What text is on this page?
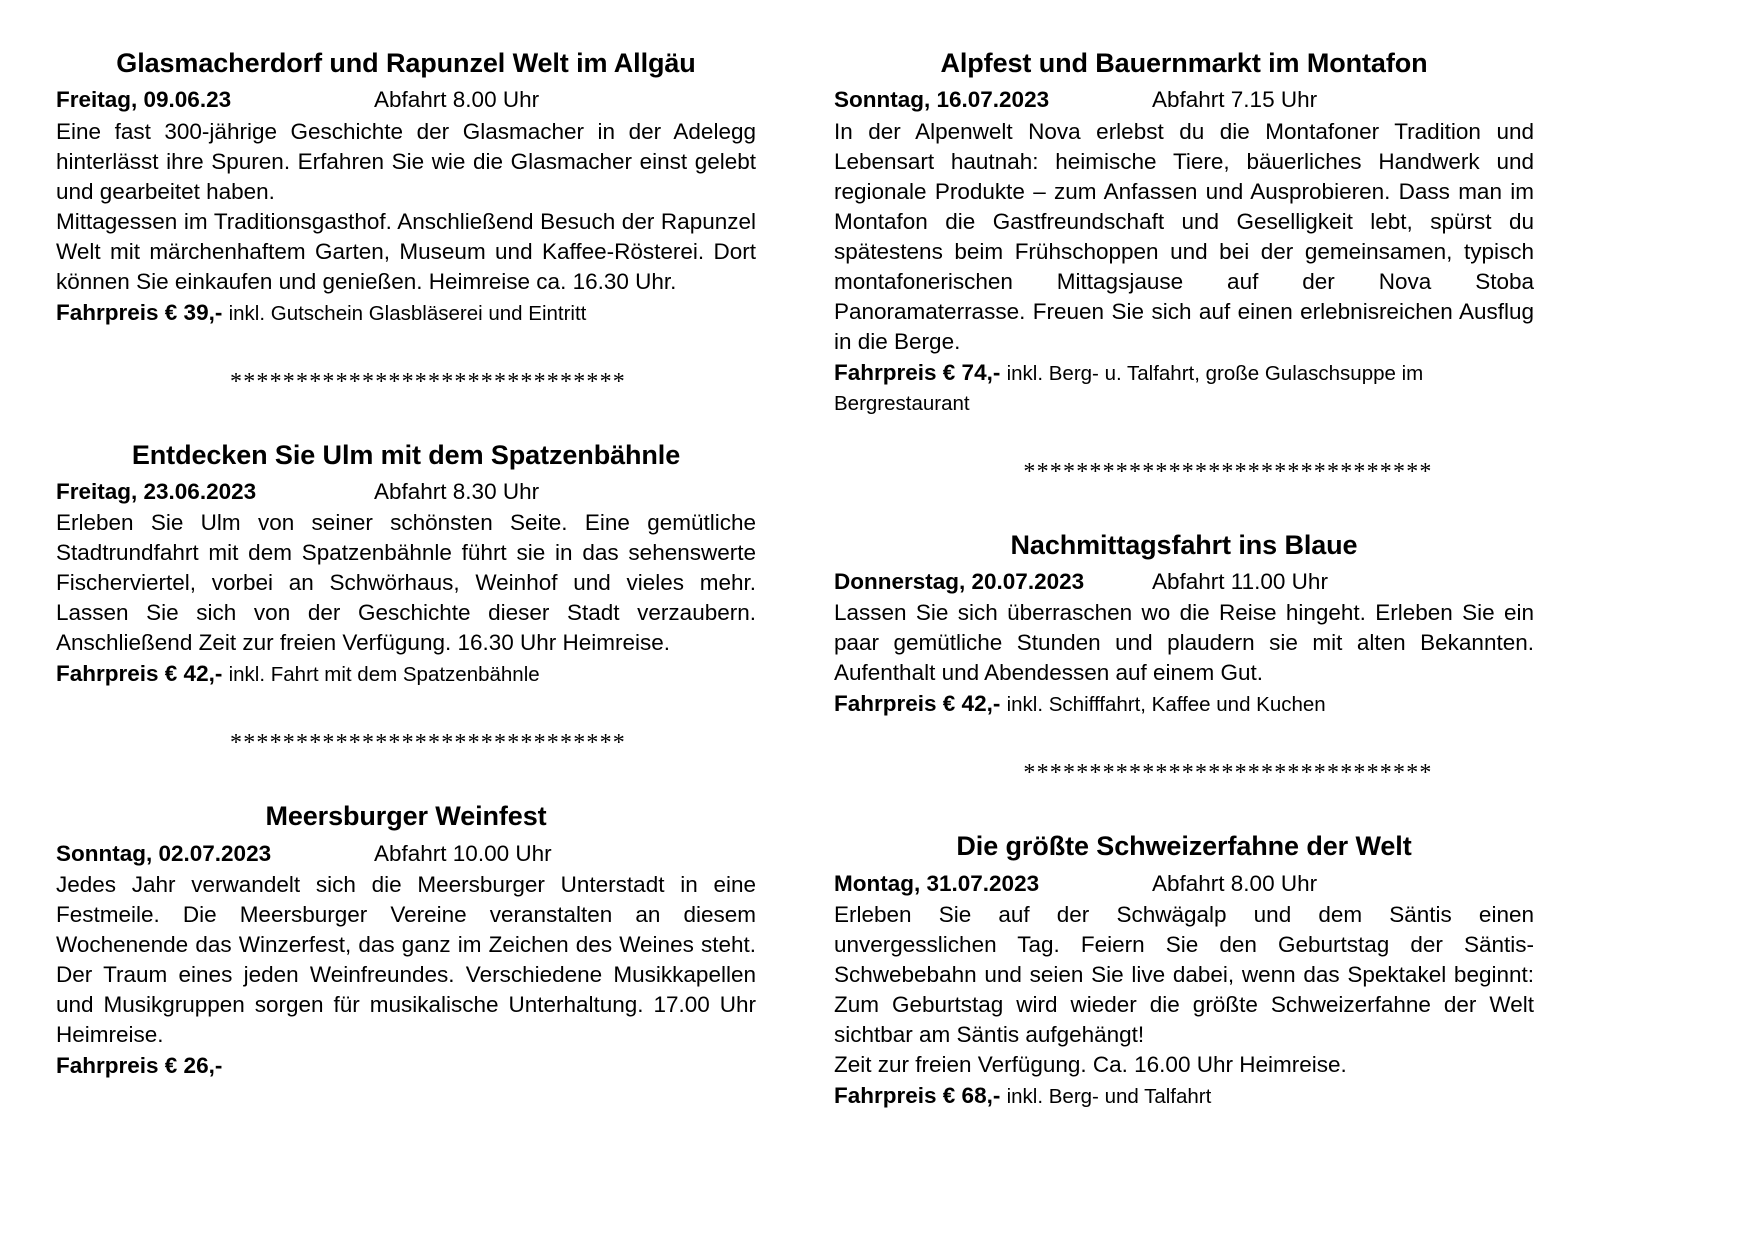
Glasmacherdorf und Rapunzel Welt im Allgäu
Freitag, 09.06.23	Abfahrt 8.00 Uhr

Eine fast 300-jährige Geschichte der Glasmacher in der Adelegg hinterlässt ihre Spuren. Erfahren Sie wie die Glasmacher einst gelebt und gearbeitet haben.

Mittagessen im Traditionsgasthof. Anschließend Besuch der Rapunzel Welt mit märchenhaftem Garten, Museum und Kaffee-Rösterei. Dort können Sie einkaufen und genießen. Heimreise ca. 16.30 Uhr.

Fahrpreis € 39,- inkl. Gutschein Glasbläserei und Eintritt
******************************
Entdecken Sie Ulm mit dem Spatzenbähnle
Freitag, 23.06.2023	Abfahrt 8.30 Uhr

Erleben Sie Ulm von seiner schönsten Seite. Eine gemütliche Stadtrundfahrt mit dem Spatzenbähnle führt sie in das sehenswerte Fischerviertel, vorbei an Schwörhaus, Weinhof und vieles mehr. Lassen Sie sich von der Geschichte dieser Stadt verzaubern. Anschließend Zeit zur freien Verfügung. 16.30 Uhr Heimreise.

Fahrpreis € 42,- inkl. Fahrt mit dem Spatzenbähnle
******************************
Meersburger Weinfest
Sonntag, 02.07.2023	Abfahrt 10.00 Uhr

Jedes Jahr verwandelt sich die Meersburger Unterstadt in eine Festmeile. Die Meersburger Vereine veranstalten an diesem Wochenende das Winzerfest, das ganz im Zeichen des Weines steht. Der Traum eines jeden Weinfreundes. Verschiedene Musikkapellen und Musikgruppen sorgen für musikalische Unterhaltung. 17.00 Uhr Heimreise.

Fahrpreis € 26,-
Alpfest und Bauernmarkt im Montafon
Sonntag, 16.07.2023	Abfahrt 7.15 Uhr

In der Alpenwelt Nova erlebst du die Montafoner Tradition und Lebensart hautnah: heimische Tiere, bäuerliches Handwerk und regionale Produkte – zum Anfassen und Ausprobieren. Dass man im Montafon die Gastfreundschaft und Geselligkeit lebt, spürst du spätestens beim Frühschoppen und bei der gemeinsamen, typisch montafonerischen Mittagsjause auf der Nova Stoba Panoramaterrasse. Freuen Sie sich auf einen erlebnisreichen Ausflug in die Berge.

Fahrpreis € 74,- inkl. Berg- u. Talfahrt, große Gulaschsuppe im Bergrestaurant
*******************************
Nachmittagsfahrt ins Blaue
Donnerstag, 20.07.2023	Abfahrt 11.00 Uhr

Lassen Sie sich überraschen wo die Reise hingeht. Erleben Sie ein paar gemütliche Stunden und plaudern sie mit alten Bekannten. Aufenthalt und Abendessen auf einem Gut.

Fahrpreis € 42,- inkl. Schifffahrt, Kaffee und Kuchen
*******************************
Die größte Schweizerfahne der Welt
Montag, 31.07.2023	Abfahrt 8.00 Uhr

Erleben Sie auf der Schwägalp und dem Säntis einen unvergesslichen Tag. Feiern Sie den Geburtstag der Säntis-Schwebebahn und seien Sie live dabei, wenn das Spektakel beginnt: Zum Geburtstag wird wieder die größte Schweizerfahne der Welt sichtbar am Säntis aufgehängt!

Zeit zur freien Verfügung. Ca. 16.00 Uhr Heimreise.

Fahrpreis € 68,- inkl. Berg- und Talfahrt
